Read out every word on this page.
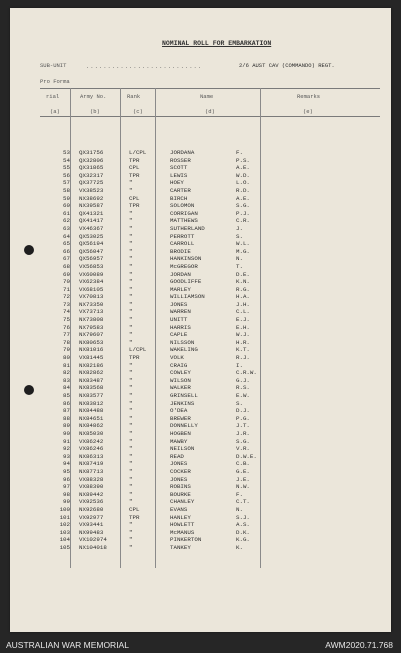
NOMINAL ROLL FOR EMBARKATION
SUB-UNIT	...........................	2/6 AUST CAV (COMMANDO) REGT.
Pro Forma
rial	Army No.	Rank	Name	Remarks
(a)	(b)	(c)	(d)	(e)
53 QX31756	L/CPL	JORDANA	F.
54 QX32806	TPR	ROSSER	P.S.
55 QX31865	CPL	SCOTT	A.E.
56 QX32317	TPR	LEWIS	W.D.
57 QX37725	"	HOEY	L.O.
58 VX38523	"	CARTER	R.D.
59 NX38692	CPL	BIRCH	A.E.
60 NX39587	TPR	SOLOMON	S.G.
61 QX41321	"	CORRIGAN	P.J.
62 QX41417	"	MATTHEWS	C.R.
63 VX46367	"	SUTHERLAND	J.
64 QX53025	"	PERROTT	S.
65 QX56194	"	CARROLL	W.L.
66 QX56047	"	BRODIE	M.G.
67 QX56957	"	HANKINSON	N.
68 VX56853	"	McGREGOR	T.
69 VX60089	"	JORDAN	D.E.
70 VX62384	"	GOODLIFFE	K.N.
71 VX68105	"	MARLEY	R.G.
72 VX70813	"	WILLIAMSON	H.A.
73 NX73350	"	JONES	J.H.
74 VX73713	"	WARREN	C.L.
75 NX73808	"	UNITT	E.J.
76 NX79583	"	HARRIS	E.H.
77 NX79607	"	CAPLE	W.J.
78 NX80653	"	NILSSON	H.R.
79 NX81016	L/CPL	WAKELING	K.T.
80 VX81445	TPR	VOLK	R.J.
81 NX82186	"	CRAIG	I.
82 NX82862	"	COWLEY	C.R.W.
83 NX83487	"	WILSON	G.J.
84 NX83568	"	WALKER	R.S.
85 NX83577	"	GRINSELL	E.W.
86 NX83812	"	JENKINS	S.
87 NX84488	"	O'DEA	D.J.
88 NX84651	"	BREWER	P.G.
89 NX84862	"	DONNELLY	J.T.
90 NX85030	"	HOGBEN	J.R.
91 VX86242	"	MAWBY	S.G.
92 VX86246	"	NEILSON	V.R.
93 NX86313	"	READ	D.W.E.
94 NX87419	"	JONES	C.B.
95 NX87713	"	COCKER	G.E.
96 VX88328	"	JONES	J.E.
97 VX88390	"	ROBINS	N.W.
98 NX89442	"	BOURKE	F.
99 VX92536	"	CHANLEY	C.T.
100 NX92680	CPL	EVANS	N.
101 VX92977	TPR	HANLEY	S.J.
102 VX93441	"	HOWLETT	A.S.
103 NX99483	"	McMANUS	D.K.
104 VX102974	"	PINKERTON	K.G.
105 NX104018	"	TANKEY	K.
AUSTRALIAN WAR MEMORIAL	AWM2020.71.768
